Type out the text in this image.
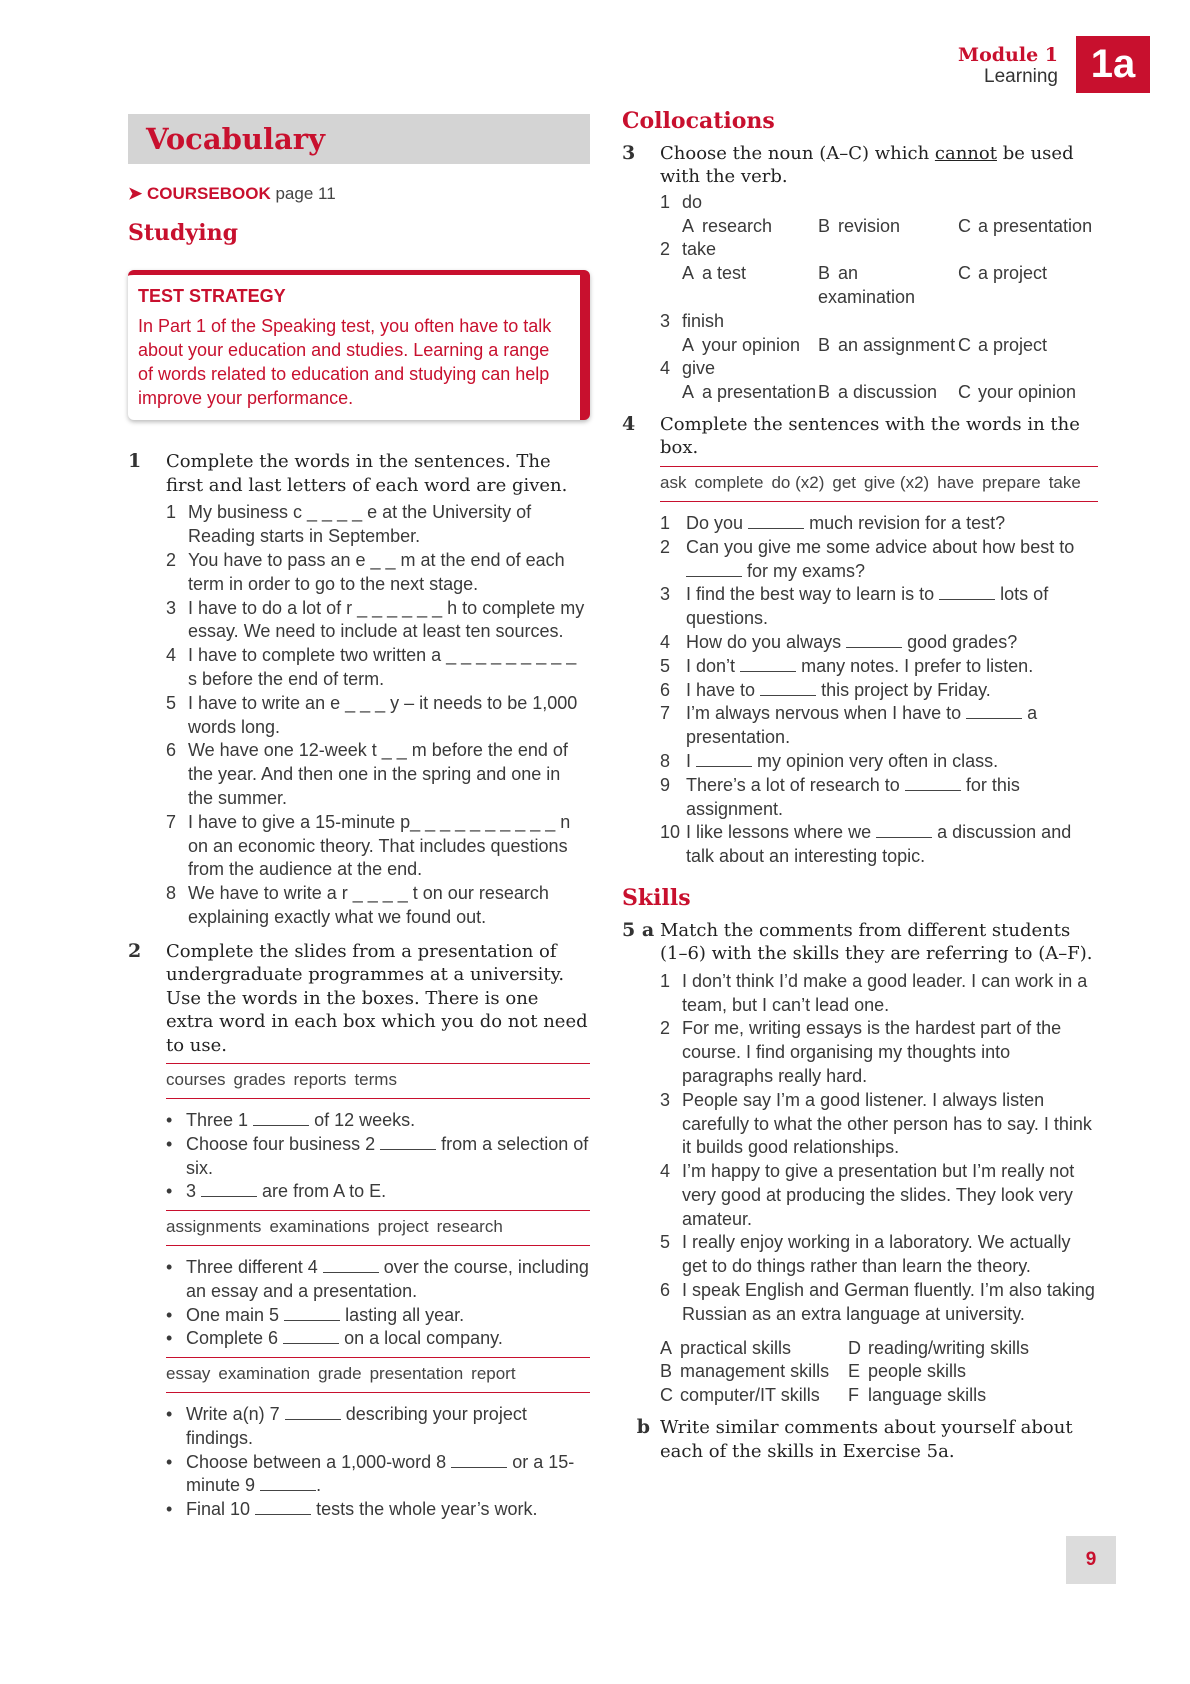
Module 1
Learning 1a
Vocabulary
➤ COURSEBOOK page 11
Studying
TEST STRATEGY
In Part 1 of the Speaking test, you often have to talk about your education and studies. Learning a range of words related to education and studying can help improve your performance.
1	Complete the words in the sentences. The first and last letters of each word are given.
1 My business c _ _ _ _ e at the University of Reading starts in September.
2 You have to pass an e _ _ m at the end of each term in order to go to the next stage.
3 I have to do a lot of r _ _ _ _ _ _ h to complete my essay. We need to include at least ten sources.
4 I have to complete two written a _ _ _ _ _ _ _ _ _ s before the end of term.
5 I have to write an e _ _ _ y – it needs to be 1,000 words long.
6 We have one 12-week t _ _ m before the end of the year. And then one in the spring and one in the summer.
7 I have to give a 15-minute p_ _ _ _ _ _ _ _ _ _ n on an economic theory. That includes questions from the audience at the end.
8 We have to write a r _ _ _ _ t on our research explaining exactly what we found out.
2	Complete the slides from a presentation of undergraduate programmes at a university. Use the words in the boxes. There is one extra word in each box which you do not need to use.
courses grades reports terms
• Three 1	of 12 weeks.
• Choose four business 2	from a selection of six.
• 3	are from A to E.
assignments examinations project research
• Three different 4	over the course, including an essay and a presentation.
• One main 5	lasting all year.
• Complete 6	on a local company.
essay examination grade presentation report
• Write a(n) 7	describing your project findings.
• Choose between a 1,000-word 8	or a 15-minute 9	.
• Final 10	tests the whole year’s work.
Collocations
3	Choose the noun (A–C) which cannot be used with the verb.
1 do
A research	B revision	C a presentation
2 take
A a test	B an examination
C a project
3 finish
A your opinion B an assignment C a project
4 give
A a presentation B a discussion	C your opinion
4	Complete the sentences with the words in the box.
ask complete do (x2) get give (x2) have prepare take
1 Do you	much revision for a test?
2 Can you give me some advice about how best to  for my exams?
3 I find the best way to learn is to	lots of questions.
4 How do you always	good grades?
5 I don’t	many notes. I prefer to listen.
6 I have to	this project by Friday.
7 I’m always nervous when I have to	a presentation.
8 I	my opinion very often in class.
9 There’s a lot of research to	for this assignment.
10 I like lessons where we	a discussion and talk about an interesting topic.
Skills
5 a Match the comments from different students (1–6) with the skills they are referring to (A–F).
1 I don’t think I’d make a good leader. I can work in a team, but I can’t lead one.
2 For me, writing essays is the hardest part of the course. I find organising my thoughts into paragraphs really hard.
3 People say I’m a good listener. I always listen carefully to what the other person has to say. I think it builds good relationships.
4 I’m happy to give a presentation but I’m really not very good at producing the slides. They look very amateur.
5 I really enjoy working in a laboratory. We actually get to do things rather than learn the theory.
6 I speak English and German fluently. I’m also taking Russian as an extra language at university.
A practical skills	D reading/writing skills
B management skills	E people skills
C computer/IT skills	F language skills
b Write similar comments about yourself about each of the skills in Exercise 5a.
9
